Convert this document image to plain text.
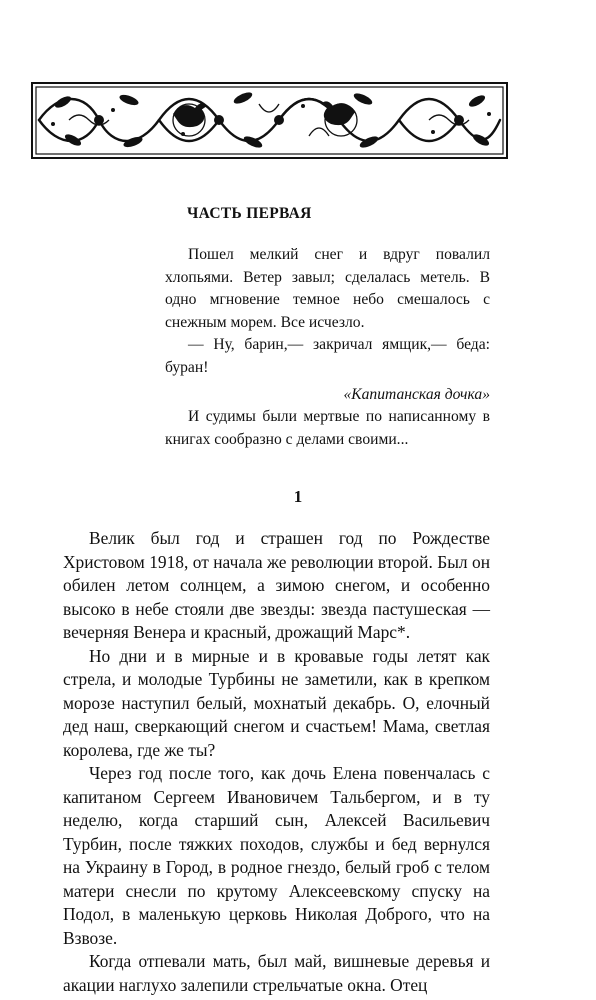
ЧАСТЬ ПЕРВАЯ

Пошел мелкий снег и вдруг повалил хлопьями. Ветер завыл; сделалась метель. В одно мгновение темное небо смешалось с снежным морем. Все исчезло.

— Ну, барин,— закричал ямщик,— беда: буран!

«Капитанская дочка»

И судимы были мертвые по написанному в книгах сообразно с делами своими...

1

Велик был год и страшен год по Рождестве Христовом 1918, от начала же революции второй. Был он обилен летом солнцем, а зимою снегом, и особенно высоко в небе стояли две звезды: звезда пастушеская — вечерняя Венера и красный, дрожащий Марс*.

Но дни и в мирные и в кровавые годы летят как стрела, и молодые Турбины не заметили, как в крепком морозе наступил белый, мохнатый декабрь. О, елочный дед наш, сверкающий снегом и счастьем! Мама, светлая королева, где же ты?

Через год после того, как дочь Елена повенчалась с капитаном Сергеем Ивановичем Тальбергом, и в ту неделю, когда старший сын, Алексей Васильевич Турбин, после тяжких походов, службы и бед вернулся на Украину в Город, в родное гнездо, белый гроб с телом матери снесли по крутому Алексеевскому спуску на Подол, в маленькую церковь Николая Доброго, что на Взвозе.

Когда отпевали мать, был май, вишневые деревья и акации наглухо залепили стрельчатые окна. Отец
